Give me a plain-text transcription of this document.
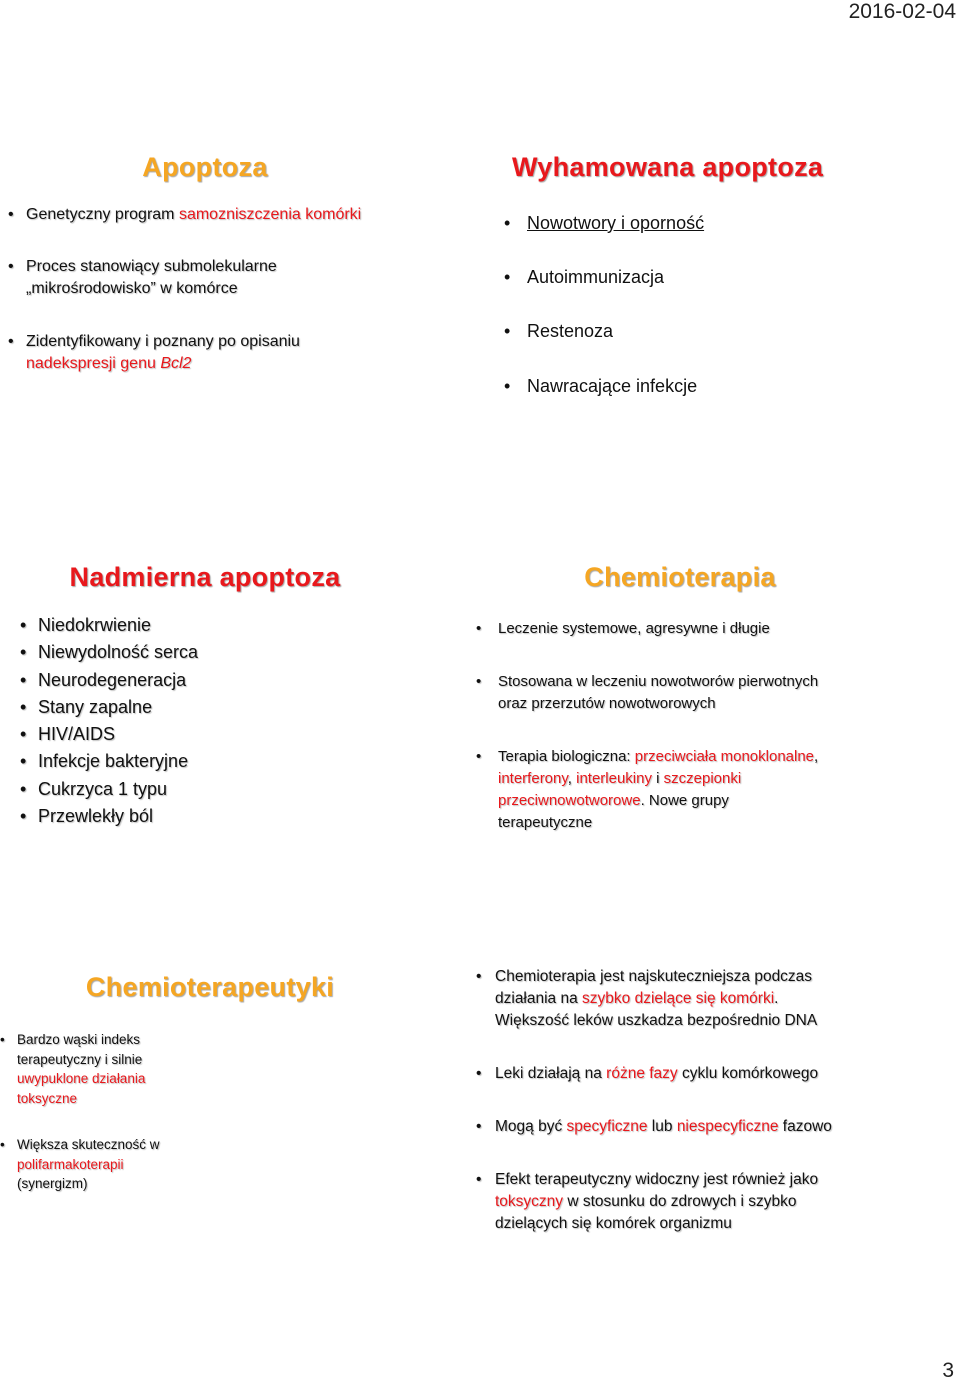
2016-02-04
Apoptoza
• Genetyczny program samozniszczenia komórki
• Proces stanowiący submolekularne
„mikrośrodowisko” w komórce
• Zidentyfikowany i poznany po opisaniu
nadekspresji genu Bcl2
Wyhamowana apoptoza
• Nowotwory i oporność
• Autoimmunizacja
• Restenoza
• Nawracające infekcje
Nadmierna apoptoza
• Niedokrwienie
• Niewydolność serca
• Neurodegeneracja
• Stany zapalne
• HIV/AIDS
• Infekcje bakteryjne
• Cukrzyca 1 typu
• Przewlekły ból
Chemioterapia
• Leczenie systemowe, agresywne i długie
• Stosowana w leczeniu nowotworów pierwotnych
oraz przerzutów nowotworowych
• Terapia biologiczna: przeciwciała monoklonalne,
interferony, interleukiny i szczepionki
przeciwnowotworowe. Nowe grupy
terapeutyczne
Chemioterapeutyki
• Bardzo wąski indeks
terapeutyczny i silnie
uwypuklone działania
toksyczne
• Większa skuteczność w
polifarmakoterapii
(synergizm)
• Chemioterapia jest najskuteczniejsza podczas
działania na szybko dzielące się komórki.
Większość leków uszkadza bezpośrednio DNA
• Leki działają na różne fazy cyklu komórkowego
• Mogą być specyficzne lub niespecyficzne fazowo
• Efekt terapeutyczny widoczny jest również jako
toksyczny w stosunku do zdrowych i szybko
dzielących się komórek organizmu
3
